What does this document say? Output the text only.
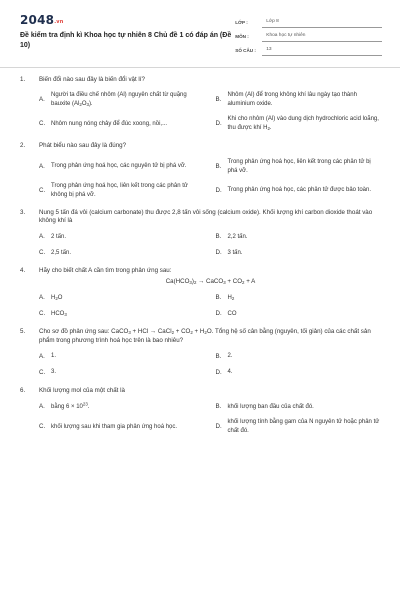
2048.vn
Đề kiểm tra định kì Khoa học tự nhiên 8 Chủ đề 1 có đáp án (Đề 10)
LỚP :	Lớp 8
MÔN :	Khoa học tự nhiên
SỐ CÂU :	13
1.	Biến đổi nào sau đây là biến đổi vật lí?
A.
Người ta điều chế nhôm (Al) nguyên chất từ quặng bauxite $(Al_2O_3)$.
B.
Nhôm (Al) để trong không khí lâu ngày tạo thành aluminium oxide.
C. Nhôm nung nóng chảy để đúc xoong, nồi,...	D.
Khi cho nhôm (Al) vào dung dịch hydrochloric acid loãng, thu được khí $H_2$.
2.	Phát biểu nào sau đây là đúng?
A.	Trong phản ứng hoá học, các nguyên tử bị phá vỡ.	B.
Trong phản ứng hoá học, liên kết trong các phân tử bị phá vỡ.
C.
Trong phản ứng hoá học, liên kết trong các phân tử không bị phá vỡ.
D. Trong phản ứng hoá học, các phân tử được bảo toàn.
3.	Nung 5 tấn đá vôi (calcium carbonate) thu được 2,8 tấn vôi sống (calcium oxide). Khối lượng khí carbon dioxide thoát vào không khí là
A.	2 tấn.	B.	2,2 tấn.
C. 2,5 tấn.	D. 3 tấn.
4.	Hãy cho biết chất A cần tìm trong phản ứng sau:
$Ca(HCO_3)_2$ → CaCO$_3$ + $CO_2 + A$
A.	$H_2O$	B.	$H_2$
C. $HCO_3$	D. CO
5.	Cho sơ đồ phản ứng sau: CaCO$_3$ + HCl → CaCl$_2$ + $CO_2 + H_2O$. Tổng hệ số cân bằng (nguyên, tối giản) của các chất sản phẩm trong phương trình hoá học trên là bao nhiêu?
A.	1.	B.	2.
C. 3.	D. 4.
6.	Khối lượng mol của một chất là
A.	bằng $6 \times 10^{23}$.	B.	khối lượng ban đầu của chất đó.
C. khối lượng sau khi tham gia phản ứng hoá học.	D.
khối lượng tính bằng gam của N nguyên tử hoặc phân tử chất đó.
